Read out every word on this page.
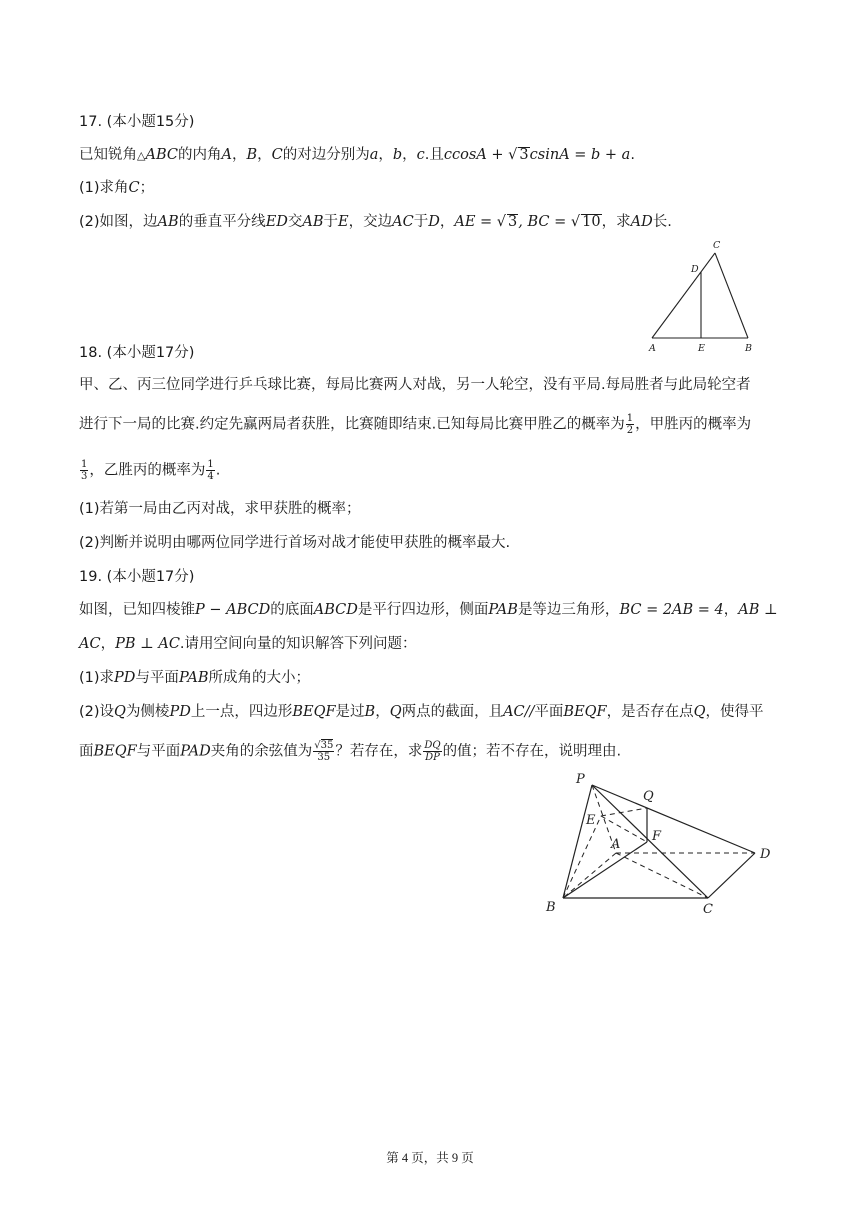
17. (本小题15分)
已知锐角△ABC的内角A，B，C的对边分别为a，b，c.且ccosA + √ 3csinA = b + a.
(1)求角C；
(2)如图，边AB的垂直平分线ED交AB于E，交边AC于D，AE = √ 3, BC = √ 10，求AD长.
A	E	B
C
D
18. (本小题17分)
甲、乙、丙三位同学进行乒乓球比赛，每局比赛两人对战，另一人轮空，没有平局.每局胜者与此局轮空者
进行下一局的比赛.约定先赢两局者获胜，比赛随即结束.已知每局比赛甲胜乙的概率为 $\frac{1}{2}$ ，甲胜丙的概率为
$\frac{1}{3}$ ，乙胜丙的概率为 $\frac{1}{4}$ .
(1)若第一局由乙丙对战，求甲获胜的概率；
(2)判断并说明由哪两位同学进行首场对战才能使甲获胜的概率最大.
19. (本小题17分)
如图，已知四棱锥P − ABCD的底面ABCD是平行四边形，侧面PAB是等边三角形，BC = 2AB = 4，AB ⊥
AC，PB ⊥ AC.请用空间向量的知识解答下列问题：
(1)求PD与平面PAB所成角的大小；
(2)设Q为侧棱PD上一点，四边形BEQF是过B，Q两点的截面，且AC//平面BEQF，是否存在点Q，使得平
面BEQF与平面PAD夹角的余弦值为 $\frac{√35}{35}$ ？若存在，求 $\frac{DQ}{DP}$ 的值；若不存在，说明理由.
P
Q
E
F
A
B	C
D
第 4 页，共 9 页
